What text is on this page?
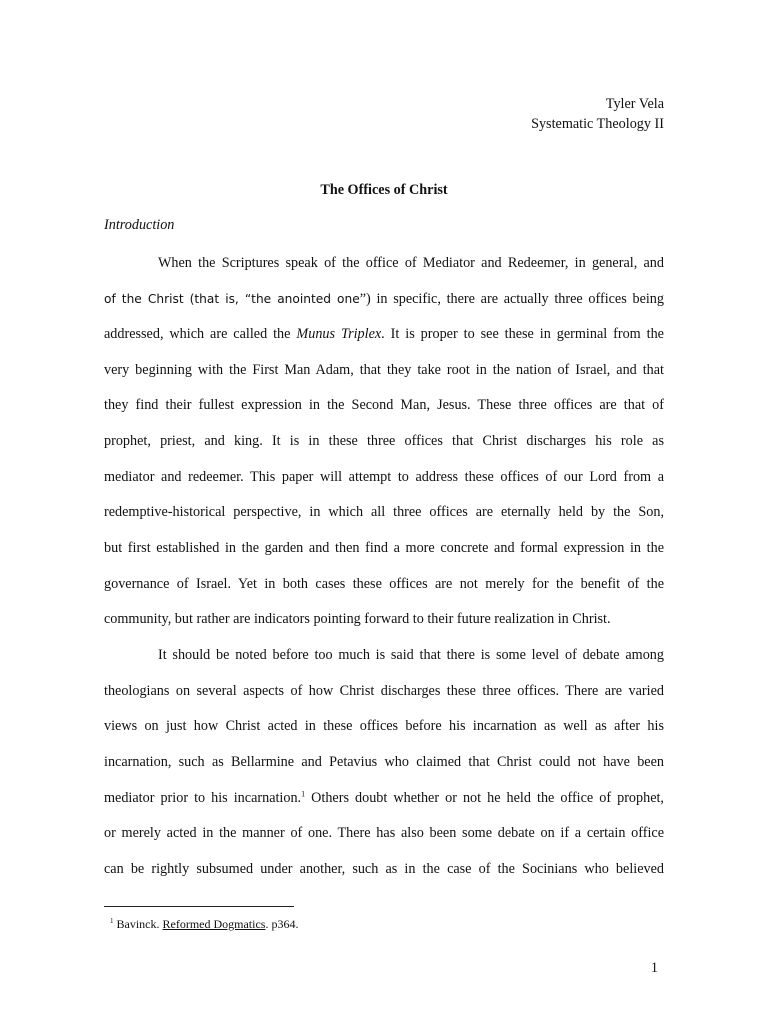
Tyler Vela
Systematic Theology II
The Offices of Christ
Introduction
When the Scriptures speak of the office of Mediator and Redeemer, in general, and
of the Christ (that is, “the anointed one”) in specific, there are actually three offices being
addressed, which are called the Munus Triplex. It is proper to see these in germinal from the
very beginning with the First Man Adam, that they take root in the nation of Israel, and that
they find their fullest expression in the Second Man, Jesus. These three offices are that of
prophet, priest, and king. It is in these three offices that Christ discharges his role as
mediator and redeemer. This paper will attempt to address these offices of our Lord from a
redemptive-historical perspective, in which all three offices are eternally held by the Son,
but first established in the garden and then find a more concrete and formal expression in the
governance of Israel. Yet in both cases these offices are not merely for the benefit of the
community, but rather are indicators pointing forward to their future realization in Christ.
It should be noted before too much is said that there is some level of debate among
theologians on several aspects of how Christ discharges these three offices. There are varied
views on just how Christ acted in these offices before his incarnation as well as after his
incarnation, such as Bellarmine and Petavius who claimed that Christ could not have been
mediator prior to his incarnation.$^1$ Others doubt whether or not he held the office of prophet,
or merely acted in the manner of one. There has also been some debate on if a certain office
can be rightly subsumed under another, such as in the case of the Socinians who believed
$^1$ Bavinck. Reformed Dogmatics. p364.
1
